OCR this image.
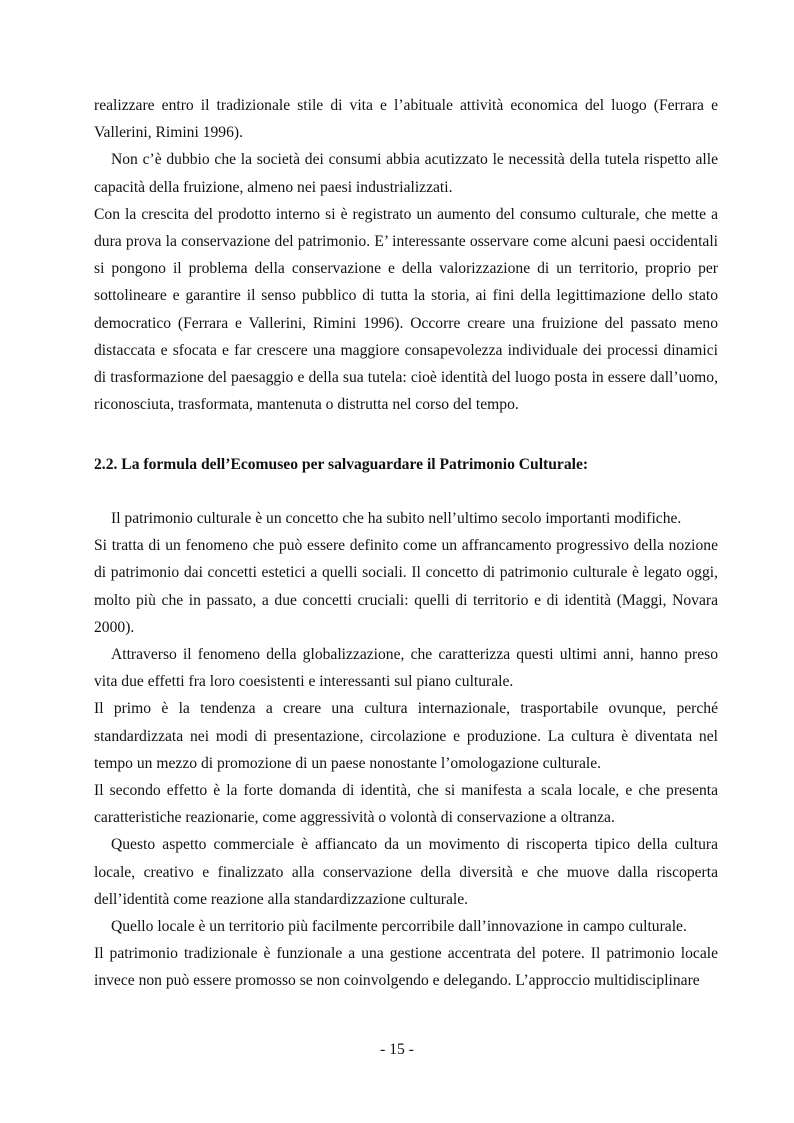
realizzare entro il tradizionale stile di vita e l’abituale attività economica del luogo (Ferrara e Vallerini, Rimini 1996).

Non c’è dubbio che la società dei consumi abbia acutizzato le necessità della tutela rispetto alle capacità della fruizione, almeno nei paesi industrializzati.

Con la crescita del prodotto interno si è registrato un aumento del consumo culturale, che mette a dura prova la conservazione del patrimonio. E’ interessante osservare come alcuni paesi occidentali si pongono il problema della conservazione e della valorizzazione di un territorio, proprio per sottolineare e garantire il senso pubblico di tutta la storia, ai fini della legittimazione dello stato democratico (Ferrara e Vallerini, Rimini 1996). Occorre creare una fruizione del passato meno distaccata e sfocata e far crescere una maggiore consapevolezza individuale dei processi dinamici di trasformazione del paesaggio e della sua tutela: cioè identità del luogo posta in essere dall’uomo, riconosciuta, trasformata, mantenuta o distrutta nel corso del tempo.

2.2. La formula dell’Ecomuseo per salvaguardare il Patrimonio Culturale:

Il patrimonio culturale è un concetto che ha subito nell’ultimo secolo importanti modifiche.

Si tratta di un fenomeno che può essere definito come un affrancamento progressivo della nozione di patrimonio dai concetti estetici a quelli sociali. Il concetto di patrimonio culturale è legato oggi, molto più che in passato, a due concetti cruciali: quelli di territorio e di identità (Maggi, Novara 2000).

Attraverso il fenomeno della globalizzazione, che caratterizza questi ultimi anni, hanno preso vita due effetti fra loro coesistenti e interessanti sul piano culturale.

Il primo è la tendenza a creare una cultura internazionale, trasportabile ovunque, perché standardizzata nei modi di presentazione, circolazione e produzione. La cultura è diventata nel tempo un mezzo di promozione di un paese nonostante l’omologazione culturale.

Il secondo effetto è la forte domanda di identità, che si manifesta a scala locale, e che presenta caratteristiche reazionarie, come aggressività o volontà di conservazione a oltranza.

Questo aspetto commerciale è affiancato da un movimento di riscoperta tipico della cultura locale, creativo e finalizzato alla conservazione della diversità e che muove dalla riscoperta dell’identità come reazione alla standardizzazione culturale.

Quello locale è un territorio più facilmente percorribile dall’innovazione in campo culturale.

Il patrimonio tradizionale è funzionale a una gestione accentrata del potere. Il patrimonio locale invece non può essere promosso se non coinvolgendo e delegando. L’approccio multidisciplinare

- 15 -
